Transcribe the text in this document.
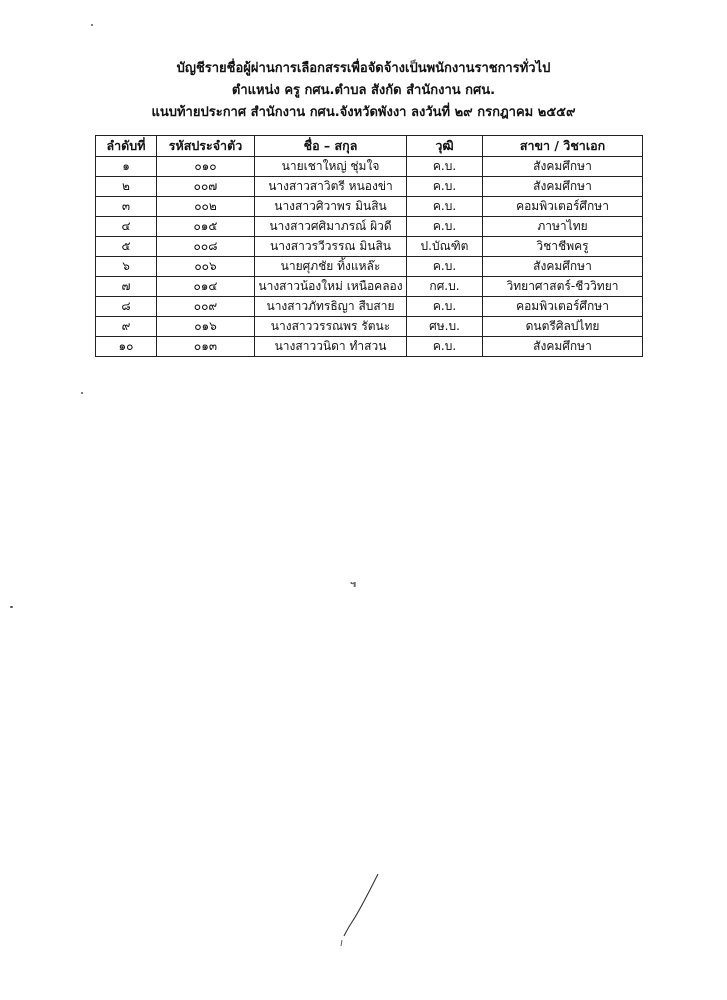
บัญชีรายชื่อผู้ผ่านการเลือกสรรเพื่อจัดจ้างเป็นพนักงานราชการทั่วไป
ตำแหน่ง ครู กศน.ตำบล สังกัด สำนักงาน กศน.
แนบท้ายประกาศ สำนักงาน กศน.จังหวัดพังงา ลงวันที่ ๒๙ กรกฎาคม ๒๕๕๙
ลำดับที่	รหัสประจำตัว	ชื่อ – สกุล	วุฒิ	สาขา / วิชาเอก
๑	๐๑๐	นายเชาใหญ่ ชุ่มใจ	ค.บ.	สังคมศึกษา
๒	๐๐๗	นางสาวสาวิตรี หนองข่า	ค.บ.	สังคมศึกษา
๓	๐๐๒	นางสาวศิวาพร มินสิน	ค.บ.	คอมพิวเตอร์ศึกษา
๔	๐๑๕	นางสาวศศิมาภรณ์ ผิวดี	ค.บ.	ภาษาไทย
๕	๐๐๘	นางสาวรวีวรรณ มินสิน	ป.บัณฑิต	วิชาชีพครู
๖	๐๐๖	นายศุภชัย ทิ้งแหล๊ะ	ค.บ.	สังคมศึกษา
๗	๐๑๔	นางสาวน้องใหม่ เหนือคลอง	กศ.บ.	วิทยาศาสตร์-ชีววิทยา
๘	๐๐๙	นางสาวภัทรธิญา สืบสาย	ค.บ.	คอมพิวเตอร์ศึกษา
๙	๐๑๖	นางสาววรรณพร รัตนะ	ศษ.บ.	ดนตรีศิลปไทย
๑๐	๐๑๓	นางสาววนิดา ทำสวน	ค.บ.	สังคมศึกษา
๚
